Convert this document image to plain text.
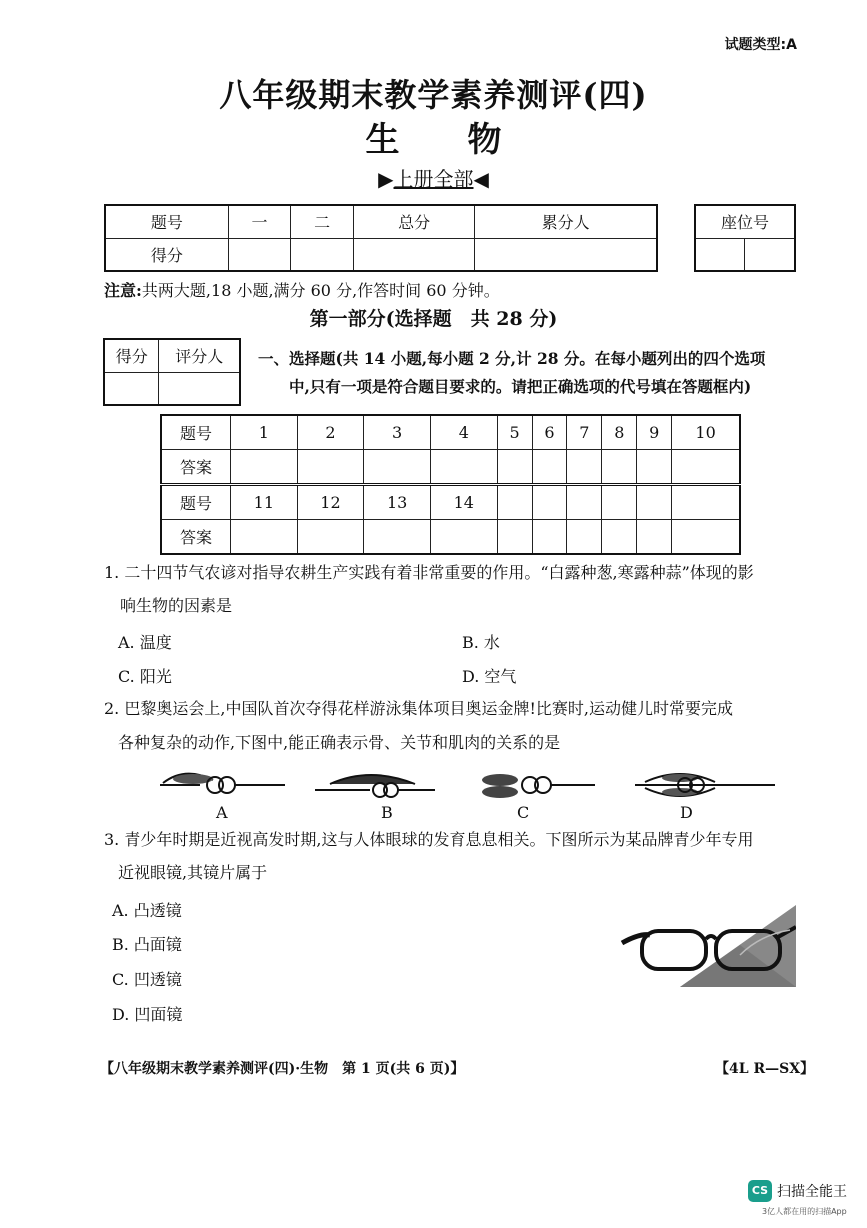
试题类型:A
八年级期末教学素养测评(四)
生　　物
▶上册全部◀
题号	一	二	总分	累分人
得分				
座位号

注意:共两大题,18 小题,满分 60 分,作答时间 60 分钟。
第一部分(选择题　共 28 分)
得分	评分人
	一、选择题(共 14 小题,每小题 2 分,计 28 分。在每小题列出的四个选项
中,只有一项是符合题目要求的。请把正确选项的代号填在答题框内)
题号	1	2	3	4	5	6	7	8	9	10
答案										
题号	11	12	13	14						
答案										
1. 二十四节气农谚对指导农耕生产实践有着非常重要的作用。“白露种葱,寒露种蒜”体现的影
响生物的因素是
A. 温度	B. 水
C. 阳光	D. 空气
2. 巴黎奥运会上,中国队首次夺得花样游泳集体项目奥运金牌!比赛时,运动健儿时常要完成
各种复杂的动作,下图中,能正确表示骨、关节和肌肉的关系的是
A	B	C	D
3. 青少年时期是近视高发时期,这与人体眼球的发育息息相关。下图所示为某品牌青少年专用
近视眼镜,其镜片属于
A. 凸透镜
B. 凸面镜
C. 凹透镜
D. 凹面镜
【八年级期末教学素养测评(四)·生物　第 1 页(共 6 页)】	【4L R—SX】
CS 扫描全能王
3亿人都在用的扫描App
